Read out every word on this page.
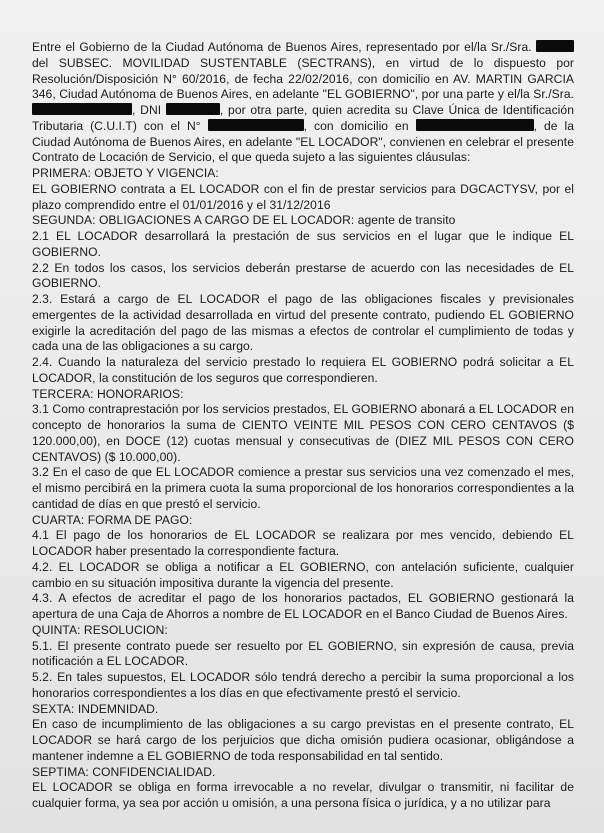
Entre el Gobierno de la Ciudad Autónoma de Buenos Aires, representado por el/la Sr./Sra.  del SUBSEC. MOVILIDAD SUSTENTABLE (SECTRANS), en virtud de lo dispuesto por Resolución/Disposición N° 60/2016, de fecha 22/02/2016, con domicilio en AV. MARTIN GARCIA 346, Ciudad Autónoma de Buenos Aires, en adelante "EL GOBIERNO", por una parte y el/la Sr./Sra. , DNI	, por otra parte, quien acredita su Clave Única de Identificación Tributaria (C.U.I.T) con el N°	, con domicilio en	, de la Ciudad Autónoma de Buenos Aires, en adelante "EL LOCADOR", convienen en celebrar el presente Contrato de Locación de Servicio, el que queda sujeto a las siguientes cláusulas:

PRIMERA: OBJETO Y VIGENCIA:

EL GOBIERNO contrata a EL LOCADOR con el fin de prestar servicios para DGCACTYSV, por el plazo comprendido entre el 01/01/2016 y el 31/12/2016

SEGUNDA: OBLIGACIONES A CARGO DE EL LOCADOR: agente de transito

2.1 EL LOCADOR desarrollará la prestación de sus servicios en el lugar que le indique EL GOBIERNO.

2.2 En todos los casos, los servicios deberán prestarse de acuerdo con las necesidades de EL GOBIERNO.

2.3. Estará a cargo de EL LOCADOR el pago de las obligaciones fiscales y previsionales emergentes de la actividad desarrollada en virtud del presente contrato, pudiendo EL GOBIERNO exigirle la acreditación del pago de las mismas a efectos de controlar el cumplimiento de todas y cada una de las obligaciones a su cargo.

2.4. Cuando la naturaleza del servicio prestado lo requiera EL GOBIERNO podrá solicitar a EL LOCADOR, la constitución de los seguros que correspondieren.

TERCERA: HONORARIOS:

3.1 Como contraprestación por los servicios prestados, EL GOBIERNO abonará a EL LOCADOR en concepto de honorarios la suma de CIENTO VEINTE MIL PESOS CON CERO CENTAVOS ($ 120.000,00), en DOCE (12) cuotas mensual y consecutivas de (DIEZ MIL PESOS CON CERO CENTAVOS) ($ 10.000,00).

3.2 En el caso de que EL LOCADOR comience a prestar sus servicios una vez comenzado el mes, el mismo percibirá en la primera cuota la suma proporcional de los honorarios correspondientes a la cantidad de días en que prestó el servicio.

CUARTA: FORMA DE PAGO:

4.1 El pago de los honorarios de EL LOCADOR se realizara por mes vencido, debiendo EL LOCADOR haber presentado la correspondiente factura.

4.2. EL LOCADOR se obliga a notificar a EL GOBIERNO, con antelación suficiente, cualquier cambio en su situación impositiva durante la vigencia del presente.

4.3. A efectos de acreditar el pago de los honorarios pactados, EL GOBIERNO gestionará la apertura de una Caja de Ahorros a nombre de EL LOCADOR en el Banco Ciudad de Buenos Aires.

QUINTA: RESOLUCION:

5.1. El presente contrato puede ser resuelto por EL GOBIERNO, sin expresión de causa, previa notificación a EL LOCADOR.

5.2. En tales supuestos, EL LOCADOR sólo tendrá derecho a percibir la suma proporcional a los honorarios correspondientes a los días en que efectivamente prestó el servicio.

SEXTA: INDEMNIDAD.

En caso de incumplimiento de las obligaciones a su cargo previstas en el presente contrato, EL LOCADOR se hará cargo de los perjuicios que dicha omisión pudiera ocasionar, obligándose a mantener indemne a EL GOBIERNO de toda responsabilidad en tal sentido.

SEPTIMA: CONFIDENCIALIDAD.

EL LOCADOR se obliga en forma irrevocable a no revelar, divulgar o transmitir, ni facilitar de cualquier forma, ya sea por acción u omisión, a una persona física o jurídica, y a no utilizar para
